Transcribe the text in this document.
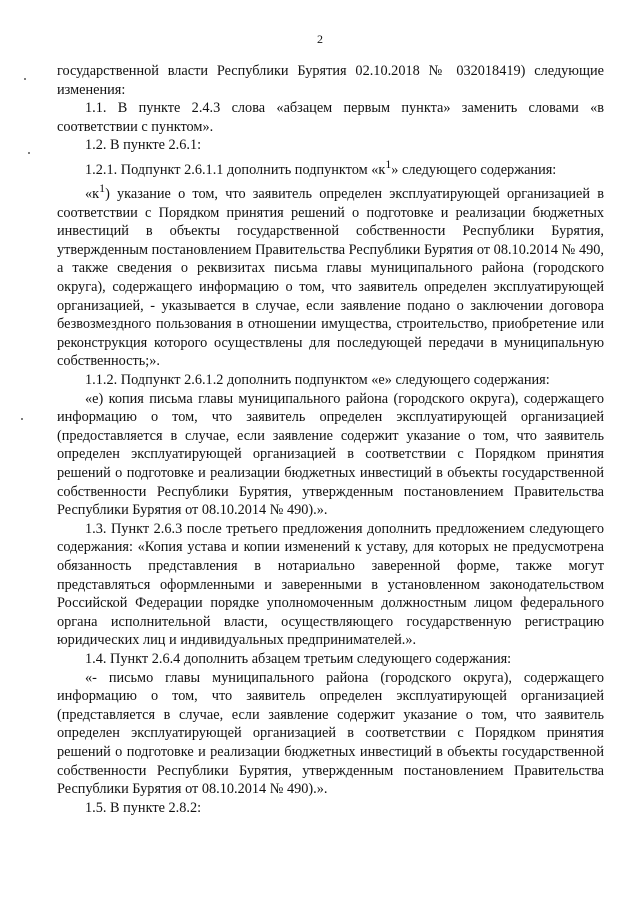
2

государственной власти Республики Бурятия 02.10.2018 № 032018419) следующие изменения:

1.1. В пункте 2.4.3 слова «абзацем первым пункта» заменить словами «в соответствии с пунктом».

1.2. В пункте 2.6.1:

1.2.1. Подпункт 2.6.1.1 дополнить подпунктом «$к^1$» следующего содержания:

«$к^1$) указание о том, что заявитель определен эксплуатирующей организацией в соответствии с Порядком принятия решений о подготовке и реализации бюджетных инвестиций в объекты государственной собственности Республики Бурятия, утвержденным постановлением Правительства Республики Бурятия от 08.10.2014 № 490, а также сведения о реквизитах письма главы муниципального района (городского округа), содержащего информацию о том, что заявитель определен эксплуатирующей организацией, - указывается в случае, если заявление подано о заключении договора безвозмездного пользования в отношении имущества, строительство, приобретение или реконструкция которого осуществлены для последующей передачи в муниципальную собственность;».

1.1.2. Подпункт 2.6.1.2 дополнить подпунктом «е» следующего содержания:

«е) копия письма главы муниципального района (городского округа), содержащего информацию о том, что заявитель определен эксплуатирующей организацией (предоставляется в случае, если заявление содержит указание о том, что заявитель определен эксплуатирующей организацией в соответствии с Порядком принятия решений о подготовке и реализации бюджетных инвестиций в объекты государственной собственности Республики Бурятия, утвержденным постановлением Правительства Республики Бурятия от 08.10.2014 № 490).».

1.3. Пункт 2.6.3 после третьего предложения дополнить предложением следующего содержания: «Копия устава и копии изменений к уставу, для которых не предусмотрена обязанность представления в нотариально заверенной форме, также могут представляться оформленными и заверенными в установленном законодательством Российской Федерации порядке уполномоченным должностным лицом федерального органа исполнительной власти, осуществляющего государственную регистрацию юридических лиц и индивидуальных предпринимателей.».

1.4. Пункт 2.6.4 дополнить абзацем третьим следующего содержания:

«- письмо главы муниципального района (городского округа), содержащего информацию о том, что заявитель определен эксплуатирующей организацией (представляется в случае, если заявление содержит указание о том, что заявитель определен эксплуатирующей организацией в соответствии с Порядком принятия решений о подготовке и реализации бюджетных инвестиций в объекты государственной собственности Республики Бурятия, утвержденным постановлением Правительства Республики Бурятия от 08.10.2014 № 490).».

1.5. В пункте 2.8.2:
